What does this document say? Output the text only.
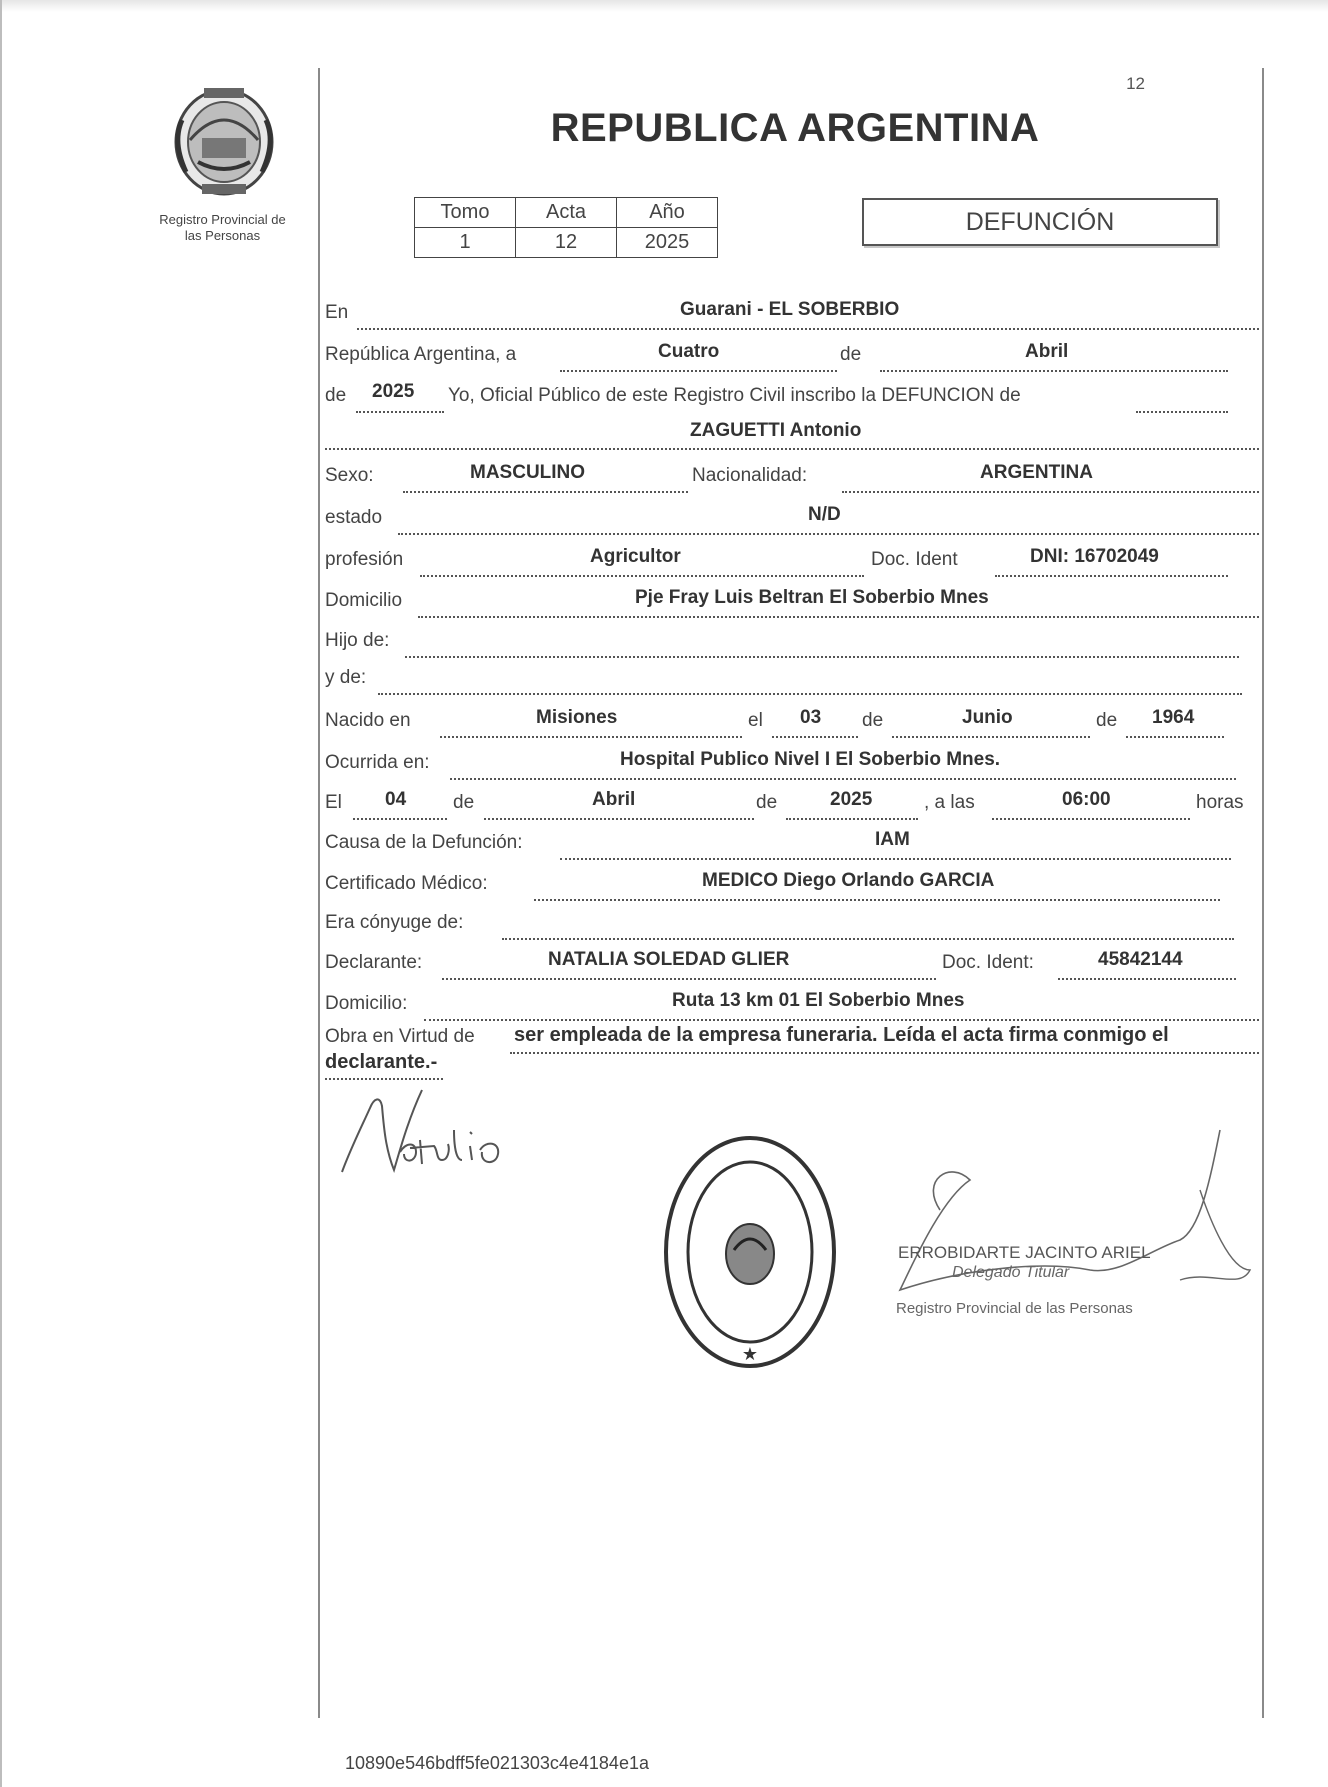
Registro Provincial de
las Personas
12
REPUBLICA ARGENTINA
Tomo	Acta	Año
1	12	2025
DEFUNCIÓN
En	Guarani - EL SOBERBIO
República Argentina, a	Cuatro	de	Abril
de 2025 Yo, Oficial Público de este Registro Civil inscribo la DEFUNCION de
ZAGUETTI Antonio
Sexo:	MASCULINO	Nacionalidad:	ARGENTINA
estado	N/D
profesión	Agricultor	Doc. Ident	DNI: 16702049
Domicilio	Pje Fray Luis Beltran El Soberbio Mnes
Hijo de:
y de:
Nacido en	Misiones	el 03 de	Junio	de 1964
Ocurrida en:	Hospital Publico Nivel I El Soberbio Mnes.
El 04 de	Abril	de	2025	, a las	06:00	horas
Causa de la Defunción:	IAM
Certificado Médico:	MEDICO Diego Orlando GARCIA
Era cónyuge de:
Declarante:	NATALIA SOLEDAD GLIER	Doc. Ident:	45842144
Domicilio:	Ruta 13 km 01 El Soberbio Mnes
Obra en Virtud de ser empleada de la empresa funeraria. Leída el acta firma conmigo el
declarante.-
★
ERROBIDARTE JACINTO ARIEL
Delegado Titular
Registro Provincial de las Personas
10890e546bdff5fe021303c4e4184e1a
